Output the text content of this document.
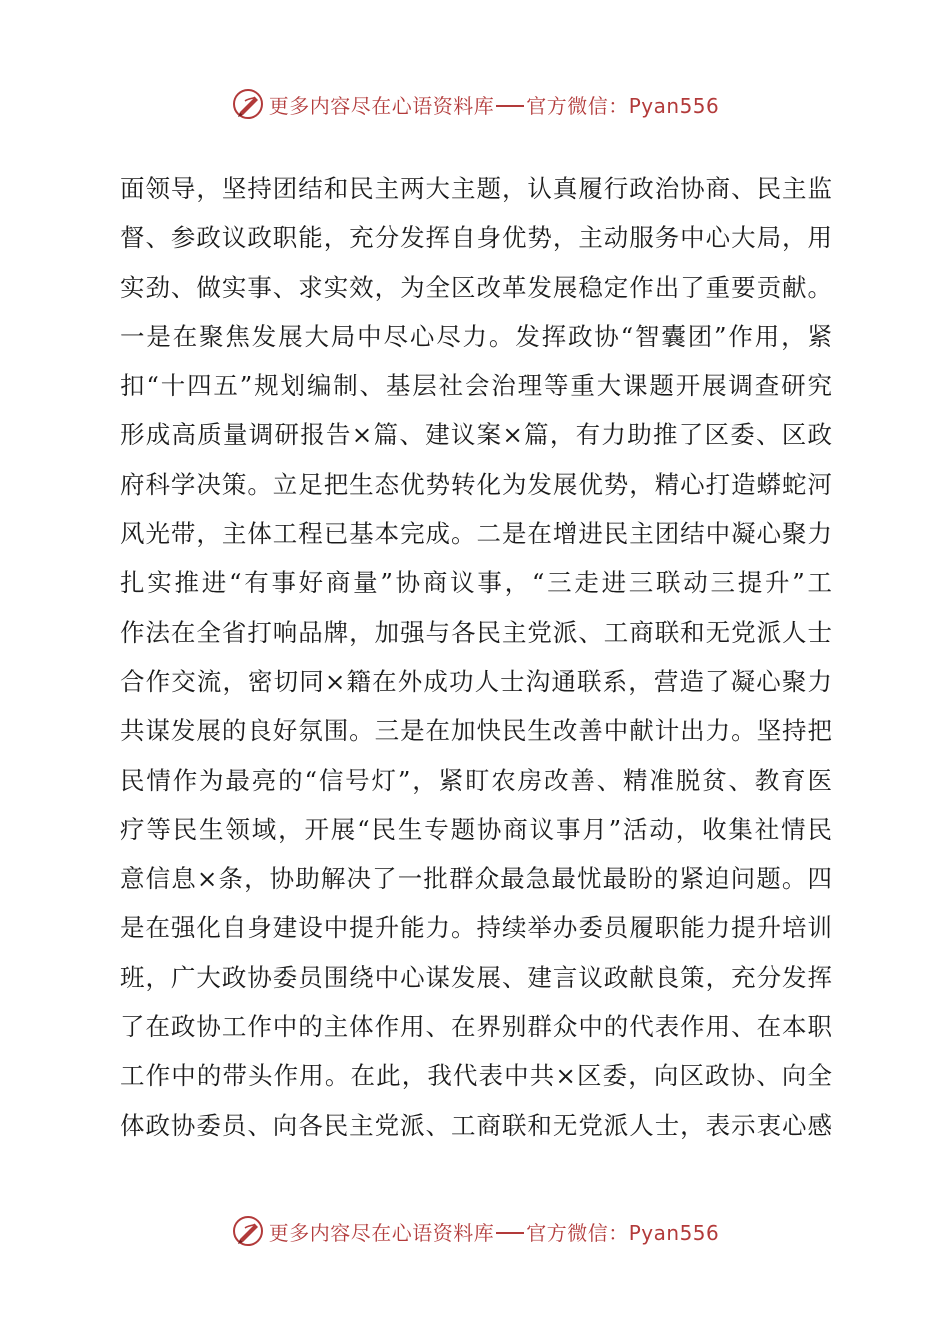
更多内容尽在心语资料库 官方微信： Pyan556
面领导，坚持团结和民主两大主题，认真履行政治协商、民主监
督、参政议政职能，充分发挥自身优势，主动服务中心大局，用
实劲、做实事、求实效，为全区改革发展稳定作出了重要贡献。
一是在聚焦发展大局中尽心尽力。发挥政协“智囊团”作用，紧
扣“十四五”规划编制、基层社会治理等重大课题开展调查研究
形成高质量调研报告×篇、建议案×篇，有力助推了区委、区政
府科学决策。立足把生态优势转化为发展优势，精心打造蟒蛇河
风光带，主体工程已基本完成。二是在增进民主团结中凝心聚力
扎实推进“有事好商量”协商议事，“三走进三联动三提升”工
作法在全省打响品牌，加强与各民主党派、工商联和无党派人士
合作交流，密切同×籍在外成功人士沟通联系，营造了凝心聚力
共谋发展的良好氛围。三是在加快民生改善中献计出力。坚持把
民情作为最亮的“信号灯”，紧盯农房改善、精准脱贫、教育医
疗等民生领域，开展“民生专题协商议事月”活动，收集社情民
意信息×条，协助解决了一批群众最急最忧最盼的紧迫问题。四
是在强化自身建设中提升能力。持续举办委员履职能力提升培训
班，广大政协委员围绕中心谋发展、建言议政献良策，充分发挥
了在政协工作中的主体作用、在界别群众中的代表作用、在本职
工作中的带头作用。在此，我代表中共×区委，向区政协、向全
体政协委员、向各民主党派、工商联和无党派人士，表示衷心感
更多内容尽在心语资料库 官方微信： Pyan556
